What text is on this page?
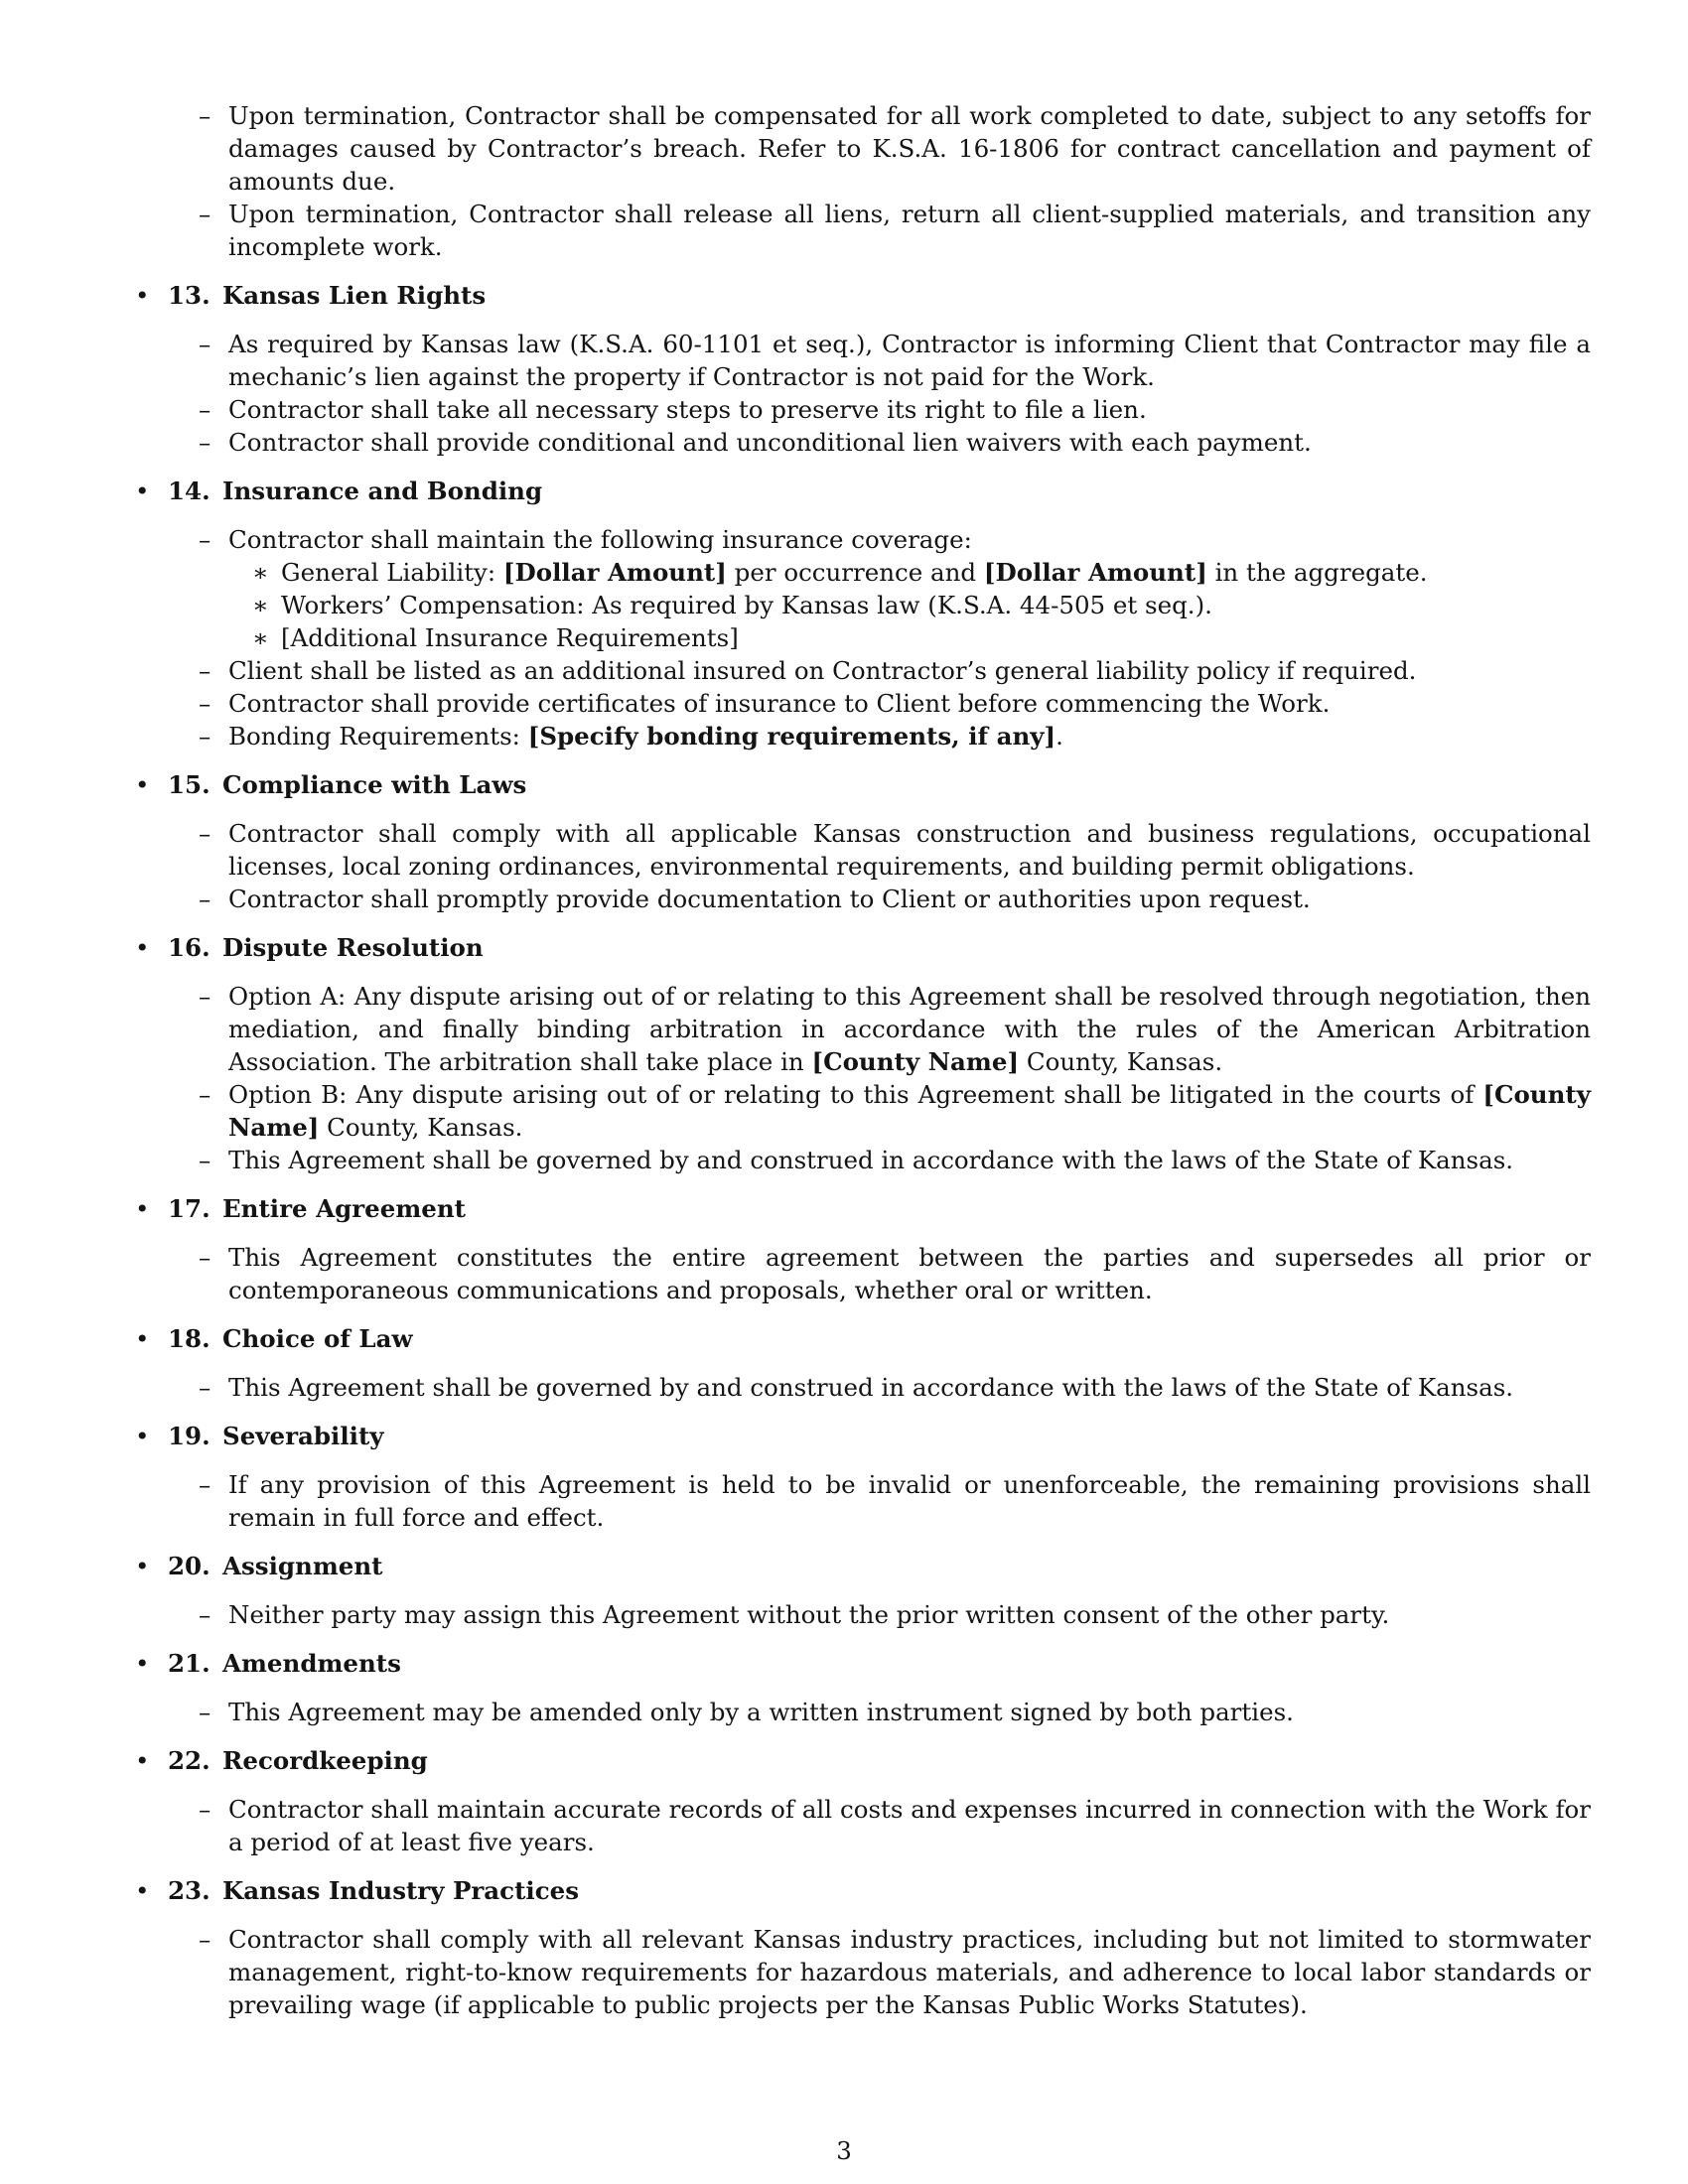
– Upon termination, Contractor shall be compensated for all work completed to date, subject to any setoffs for damages caused by Contractor’s breach. Refer to K.S.A. 16-1806 for contract cancellation and payment of amounts due.
– Upon termination, Contractor shall release all liens, return all client-supplied materials, and transition any incomplete work.
• 13. Kansas Lien Rights
– As required by Kansas law (K.S.A. 60-1101 et seq.), Contractor is informing Client that Contractor may file a mechanic’s lien against the property if Contractor is not paid for the Work.
– Contractor shall take all necessary steps to preserve its right to file a lien.
– Contractor shall provide conditional and unconditional lien waivers with each payment.
• 14. Insurance and Bonding
– Contractor shall maintain the following insurance coverage:
∗ General Liability: [Dollar Amount] per occurrence and [Dollar Amount] in the aggregate.
∗ Workers’ Compensation: As required by Kansas law (K.S.A. 44-505 et seq.).
∗ [Additional Insurance Requirements]
– Client shall be listed as an additional insured on Contractor’s general liability policy if required.
– Contractor shall provide certificates of insurance to Client before commencing the Work.
– Bonding Requirements: [Specify bonding requirements, if any].
• 15. Compliance with Laws
– Contractor shall comply with all applicable Kansas construction and business regulations, occupational licenses, local zoning ordinances, environmental requirements, and building permit obligations.
– Contractor shall promptly provide documentation to Client or authorities upon request.
• 16. Dispute Resolution
– Option A: Any dispute arising out of or relating to this Agreement shall be resolved through negotiation, then mediation, and finally binding arbitration in accordance with the rules of the American Arbitration Association. The arbitration shall take place in [County Name] County, Kansas.
– Option B: Any dispute arising out of or relating to this Agreement shall be litigated in the courts of [County Name] County, Kansas.
– This Agreement shall be governed by and construed in accordance with the laws of the State of Kansas.
• 17. Entire Agreement
– This Agreement constitutes the entire agreement between the parties and supersedes all prior or contemporaneous communications and proposals, whether oral or written.
• 18. Choice of Law
– This Agreement shall be governed by and construed in accordance with the laws of the State of Kansas.
• 19. Severability
– If any provision of this Agreement is held to be invalid or unenforceable, the remaining provisions shall remain in full force and effect.
• 20. Assignment
– Neither party may assign this Agreement without the prior written consent of the other party.
• 21. Amendments
– This Agreement may be amended only by a written instrument signed by both parties.
• 22. Recordkeeping
– Contractor shall maintain accurate records of all costs and expenses incurred in connection with the Work for a period of at least five years.
• 23. Kansas Industry Practices
– Contractor shall comply with all relevant Kansas industry practices, including but not limited to stormwater management, right-to-know requirements for hazardous materials, and adherence to local labor standards or prevailing wage (if applicable to public projects per the Kansas Public Works Statutes).
3
